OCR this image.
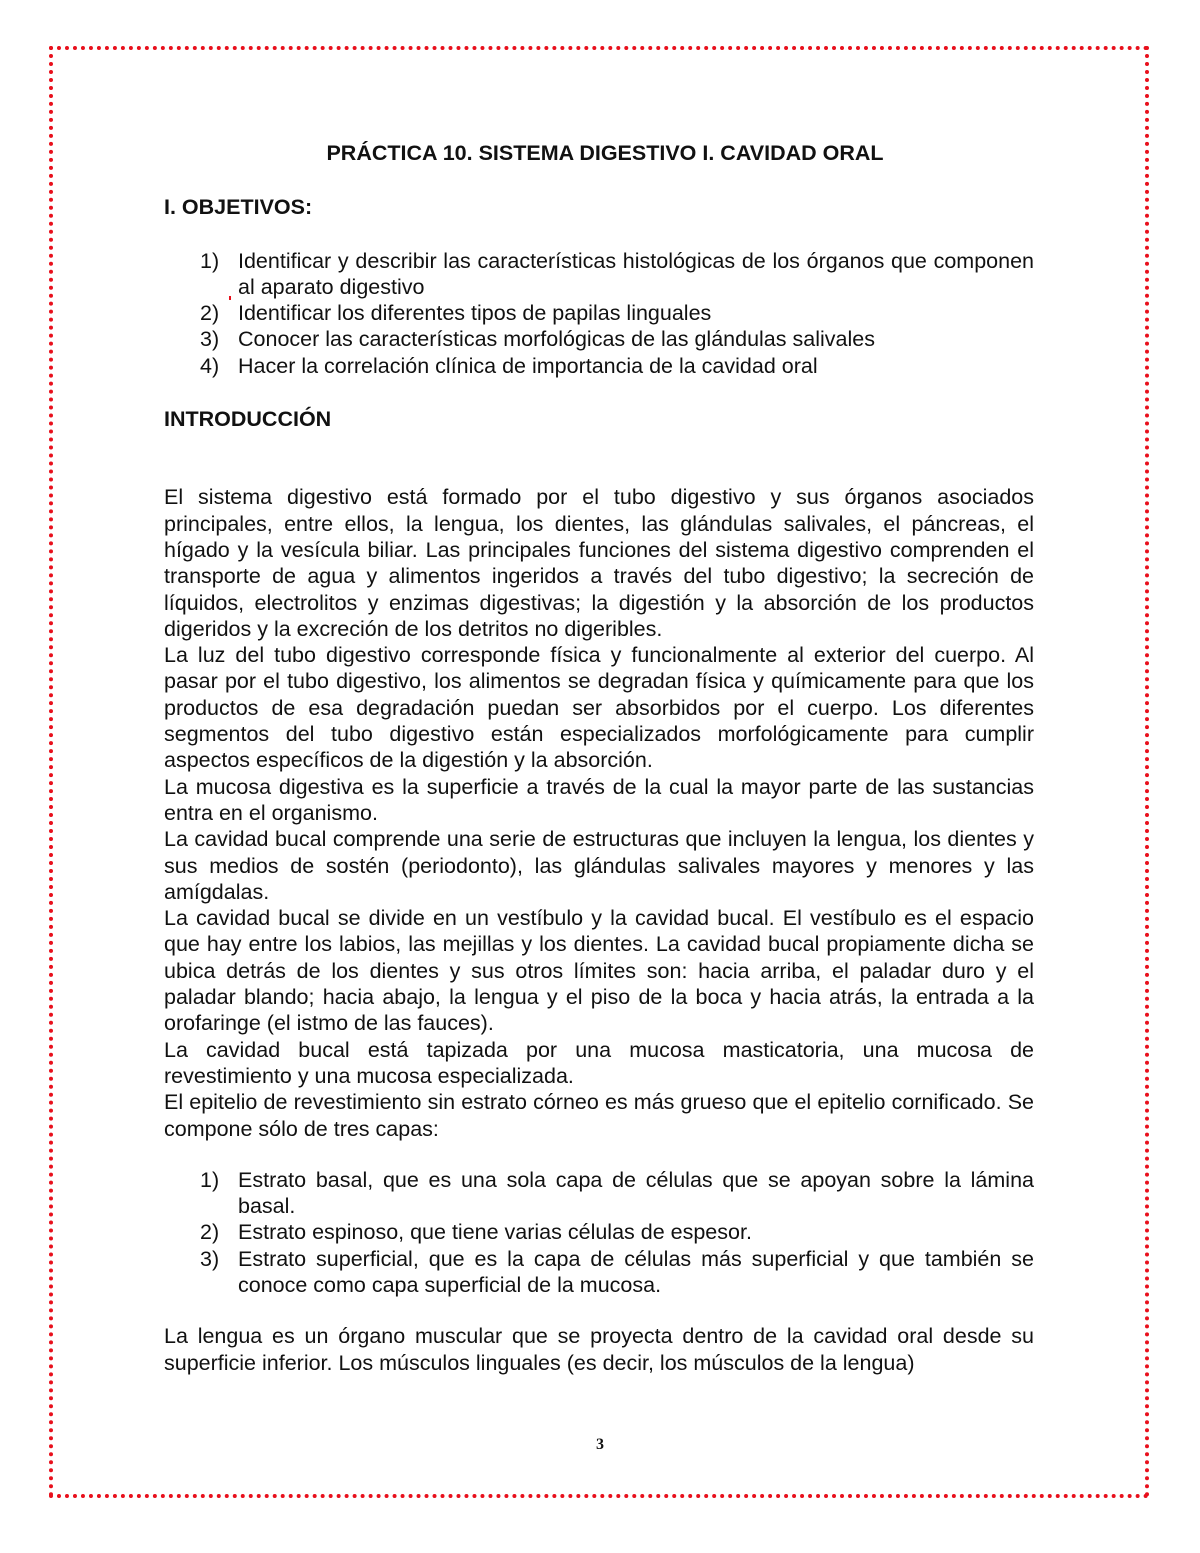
PRÁCTICA 10. SISTEMA DIGESTIVO I. CAVIDAD ORAL
I. OBJETIVOS:
1) Identificar y describir las características histológicas de los órganos que componen al aparato digestivo
2) Identificar los diferentes tipos de papilas linguales
3) Conocer las características morfológicas de las glándulas salivales
4) Hacer la correlación clínica de importancia de la cavidad oral
INTRODUCCIÓN

El sistema digestivo está formado por el tubo digestivo y sus órganos asociados principales, entre ellos, la lengua, los dientes, las glándulas salivales, el páncreas, el hígado y la vesícula biliar. Las principales funciones del sistema digestivo comprenden el transporte de agua y alimentos ingeridos a través del tubo digestivo; la secreción de líquidos, electrolitos y enzimas digestivas; la digestión y la absorción de los productos digeridos y la excreción de los detritos no digeribles.

La luz del tubo digestivo corresponde física y funcionalmente al exterior del cuerpo. Al pasar por el tubo digestivo, los alimentos se degradan física y químicamente para que los productos de esa degradación puedan ser absorbidos por el cuerpo. Los diferentes segmentos del tubo digestivo están especializados morfológicamente para cumplir aspectos específicos de la digestión y la absorción.

La mucosa digestiva es la superficie a través de la cual la mayor parte de las sustancias entra en el organismo.

La cavidad bucal comprende una serie de estructuras que incluyen la lengua, los dientes y sus medios de sostén (periodonto), las glándulas salivales mayores y menores y las amígdalas.

La cavidad bucal se divide en un vestíbulo y la cavidad bucal. El vestíbulo es el espacio que hay entre los labios, las mejillas y los dientes. La cavidad bucal propiamente dicha se ubica detrás de los dientes y sus otros límites son: hacia arriba, el paladar duro y el paladar blando; hacia abajo, la lengua y el piso de la boca y hacia atrás, la entrada a la orofaringe (el istmo de las fauces).

La cavidad bucal está tapizada por una mucosa masticatoria, una mucosa de revestimiento y una mucosa especializada.

El epitelio de revestimiento sin estrato córneo es más grueso que el epitelio cornificado. Se compone sólo de tres capas:

1) Estrato basal, que es una sola capa de células que se apoyan sobre la lámina basal.
2) Estrato espinoso, que tiene varias células de espesor.
3) Estrato superficial, que es la capa de células más superficial y que también se conoce como capa superficial de la mucosa.

La lengua es un órgano muscular que se proyecta dentro de la cavidad oral desde su superficie inferior. Los músculos linguales (es decir, los músculos de la lengua)

3
